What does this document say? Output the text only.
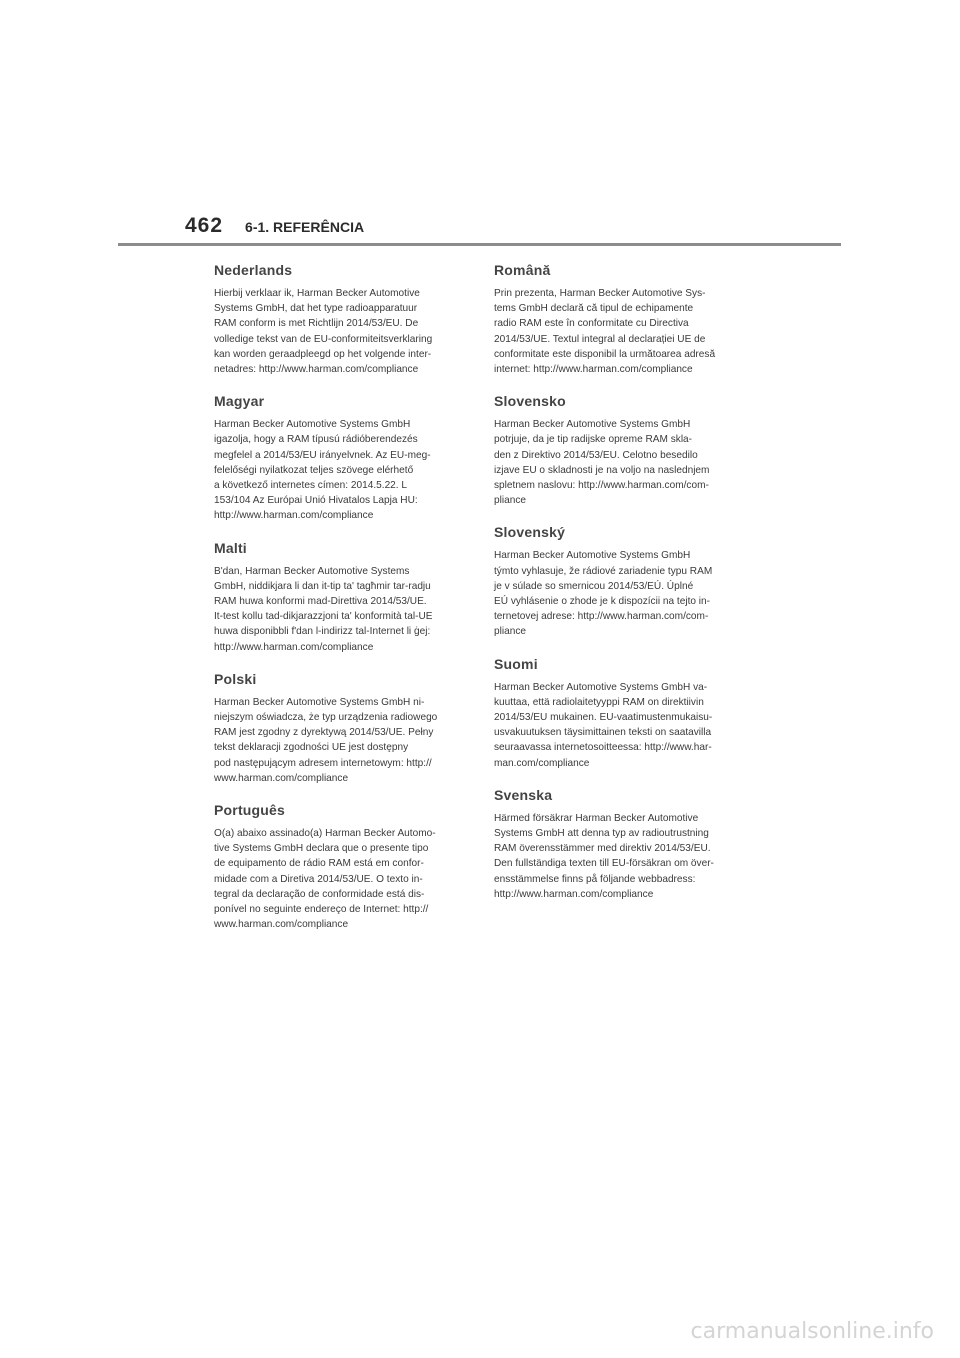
462 6-1. REFERÊNCIA
Nederlands

Hierbij verklaar ik, Harman Becker Automotive
Systems GmbH, dat het type radioapparatuur
RAM conform is met Richtlijn 2014/53/EU. De
volledige tekst van de EU-conformiteitsverklaring
kan worden geraadpleegd op het volgende inter-
netadres: http://www.harman.com/compliance

Magyar

Harman Becker Automotive Systems GmbH
igazolja, hogy a RAM típusú rádióberendezés
megfelel a 2014/53/EU irányelvnek. Az EU-meg-
felelőségi nyilatkozat teljes szövege elérhető
a következő internetes címen: 2014.5.22. L
153/104 Az Európai Unió Hivatalos Lapja HU:
http://www.harman.com/compliance

Malti

B'dan, Harman Becker Automotive Systems
GmbH, niddikjara li dan it-tip ta' tagħmir tar-radju
RAM huwa konformi mad-Direttiva 2014/53/UE.
It-test kollu tad-dikjarazzjoni ta' konformità tal-UE
huwa disponibbli f'dan l-indirizz tal-Internet li ġej:
http://www.harman.com/compliance

Polski

Harman Becker Automotive Systems GmbH ni-
niejszym oświadcza, że typ urządzenia radiowego
RAM jest zgodny z dyrektywą 2014/53/UE. Pełny
tekst deklaracji zgodności UE jest dostępny
pod następującym adresem internetowym: http://
www.harman.com/compliance

Português

O(a) abaixo assinado(a) Harman Becker Automo-
tive Systems GmbH declara que o presente tipo
de equipamento de rádio RAM está em confor-
midade com a Diretiva 2014/53/UE. O texto in-
tegral da declaração de conformidade está dis-
ponível no seguinte endereço de Internet: http://
www.harman.com/compliance

Română

Prin prezenta, Harman Becker Automotive Sys-
tems GmbH declară că tipul de echipamente
radio RAM este în conformitate cu Directiva
2014/53/UE. Textul integral al declarației UE de
conformitate este disponibil la următoarea adresă
internet: http://www.harman.com/compliance

Slovensko

Harman Becker Automotive Systems GmbH
potrjuje, da je tip radijske opreme RAM skla-
den z Direktivo 2014/53/EU. Celotno besedilo
izjave EU o skladnosti je na voljo na naslednjem
spletnem naslovu: http://www.harman.com/com-
pliance

Slovenský

Harman Becker Automotive Systems GmbH
týmto vyhlasuje, že rádiové zariadenie typu RAM
je v súlade so smernicou 2014/53/EÚ. Úplné
EÚ vyhlásenie o zhode je k dispozícii na tejto in-
ternetovej adrese: http://www.harman.com/com-
pliance

Suomi

Harman Becker Automotive Systems GmbH va-
kuuttaa, että radiolaitetyyppi RAM on direktiivin
2014/53/EU mukainen. EU-vaatimustenmukaisu-
usvakuutuksen täysimittainen teksti on saatavilla
seuraavassa internetosoitteessa: http://www.har-
man.com/compliance

Svenska

Härmed försäkrar Harman Becker Automotive
Systems GmbH att denna typ av radioutrustning
RAM överensstämmer med direktiv 2014/53/EU.
Den fullständiga texten till EU-försäkran om över-
ensstämmelse finns på följande webbadress:
http://www.harman.com/compliance

carmanualsonline.info
